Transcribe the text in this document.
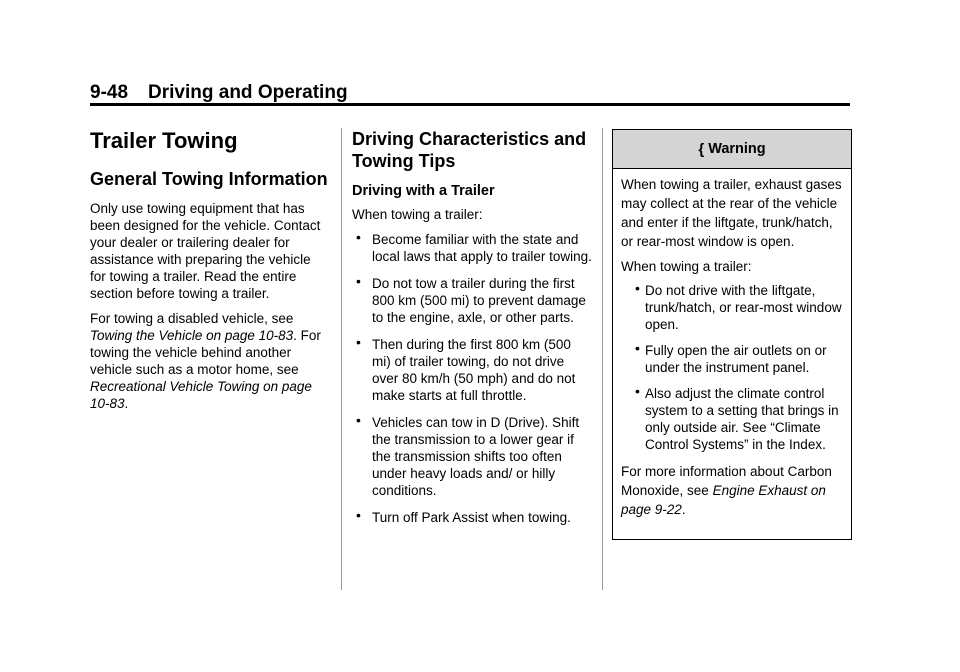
9-48 Driving and Operating
Trailer Towing
General Towing Information

Only use towing equipment that has been designed for the vehicle. Contact your dealer or trailering dealer for assistance with preparing the vehicle for towing a trailer. Read the entire section before towing a trailer.

For towing a disabled vehicle, see Towing the Vehicle on page 10-83. For towing the vehicle behind another vehicle such as a motor home, see Recreational Vehicle Towing on page 10-83.

Driving Characteristics and Towing Tips
Driving with a Trailer

When towing a trailer:

• Become familiar with the state and local laws that apply to trailer towing.
• Do not tow a trailer during the first 800 km (500 mi) to prevent damage to the engine, axle, or other parts.
• Then during the first 800 km (500 mi) of trailer towing, do not drive over 80 km/h (50 mph) and do not make starts at full throttle.
• Vehicles can tow in D (Drive). Shift the transmission to a lower gear if the transmission shifts too often under heavy loads and/ or hilly conditions.
• Turn off Park Assist when towing.
{ Warning

When towing a trailer, exhaust gases may collect at the rear of the vehicle and enter if the liftgate, trunk/hatch, or rear-most window is open.

When towing a trailer:

• Do not drive with the liftgate, trunk/hatch, or rear-most window open.
• Fully open the air outlets on or under the instrument panel.
• Also adjust the climate control system to a setting that brings in only outside air. See “Climate Control Systems” in the Index.

For more information about Carbon Monoxide, see Engine Exhaust on page 9-22.
